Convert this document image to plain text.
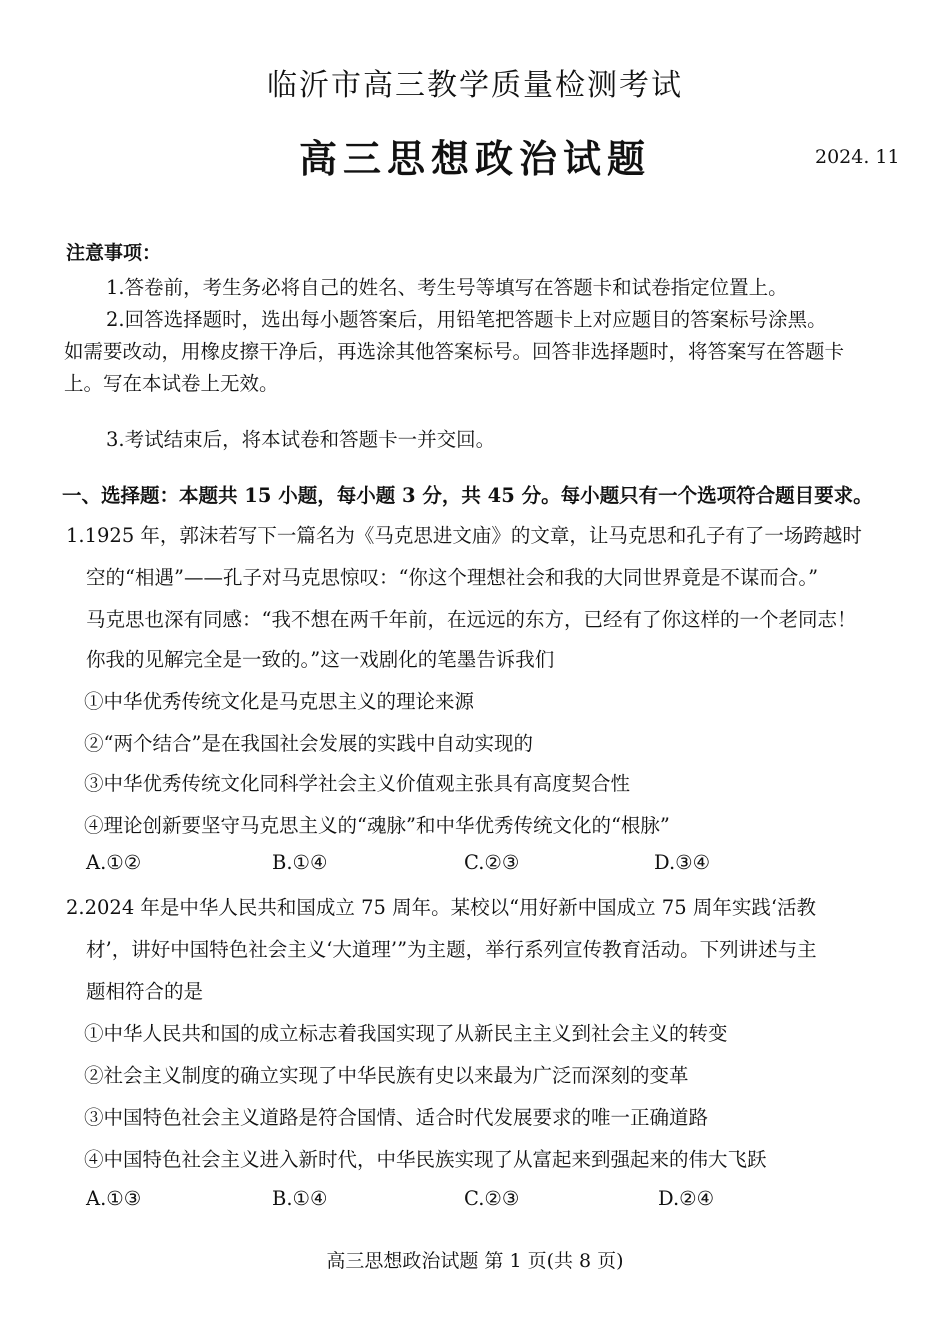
临沂市高三教学质量检测考试
高三思想政治试题	2024. 11
注意事项：
1.答卷前，考生务必将自己的姓名、考生号等填写在答题卡和试卷指定位置上。
2.回答选择题时，选出每小题答案后，用铅笔把答题卡上对应题目的答案标号涂黑。
如需要改动，用橡皮擦干净后，再选涂其他答案标号。回答非选择题时，将答案写在答题卡
上。写在本试卷上无效。
3.考试结束后，将本试卷和答题卡一并交回。
一、选择题：本题共 15 小题，每小题 3 分，共 45 分。每小题只有一个选项符合题目要求。
1.1925 年，郭沫若写下一篇名为《马克思进文庙》的文章，让马克思和孔子有了一场跨越时
空的“相遇”——孔子对马克思惊叹：“你这个理想社会和我的大同世界竟是不谋而合。”
马克思也深有同感：“我不想在两千年前，在远远的东方，已经有了你这样的一个老同志！
你我的见解完全是一致的。”这一戏剧化的笔墨告诉我们
①中华优秀传统文化是马克思主义的理论来源
②“两个结合”是在我国社会发展的实践中自动实现的
③中华优秀传统文化同科学社会主义价值观主张具有高度契合性
④理论创新要坚守马克思主义的“魂脉”和中华优秀传统文化的“根脉”
A.①②	B.①④	C.②③	D.③④
2.2024 年是中华人民共和国成立 75 周年。某校以“用好新中国成立 75 周年实践‘活教
材’，讲好中国特色社会主义‘大道理’”为主题，举行系列宣传教育活动。下列讲述与主
题相符合的是
①中华人民共和国的成立标志着我国实现了从新民主主义到社会主义的转变
②社会主义制度的确立实现了中华民族有史以来最为广泛而深刻的变革
③中国特色社会主义道路是符合国情、适合时代发展要求的唯一正确道路
④中国特色社会主义进入新时代，中华民族实现了从富起来到强起来的伟大飞跃
A.①③	B.①④	C.②③	D.②④
高三思想政治试题 第 1 页(共 8 页)
